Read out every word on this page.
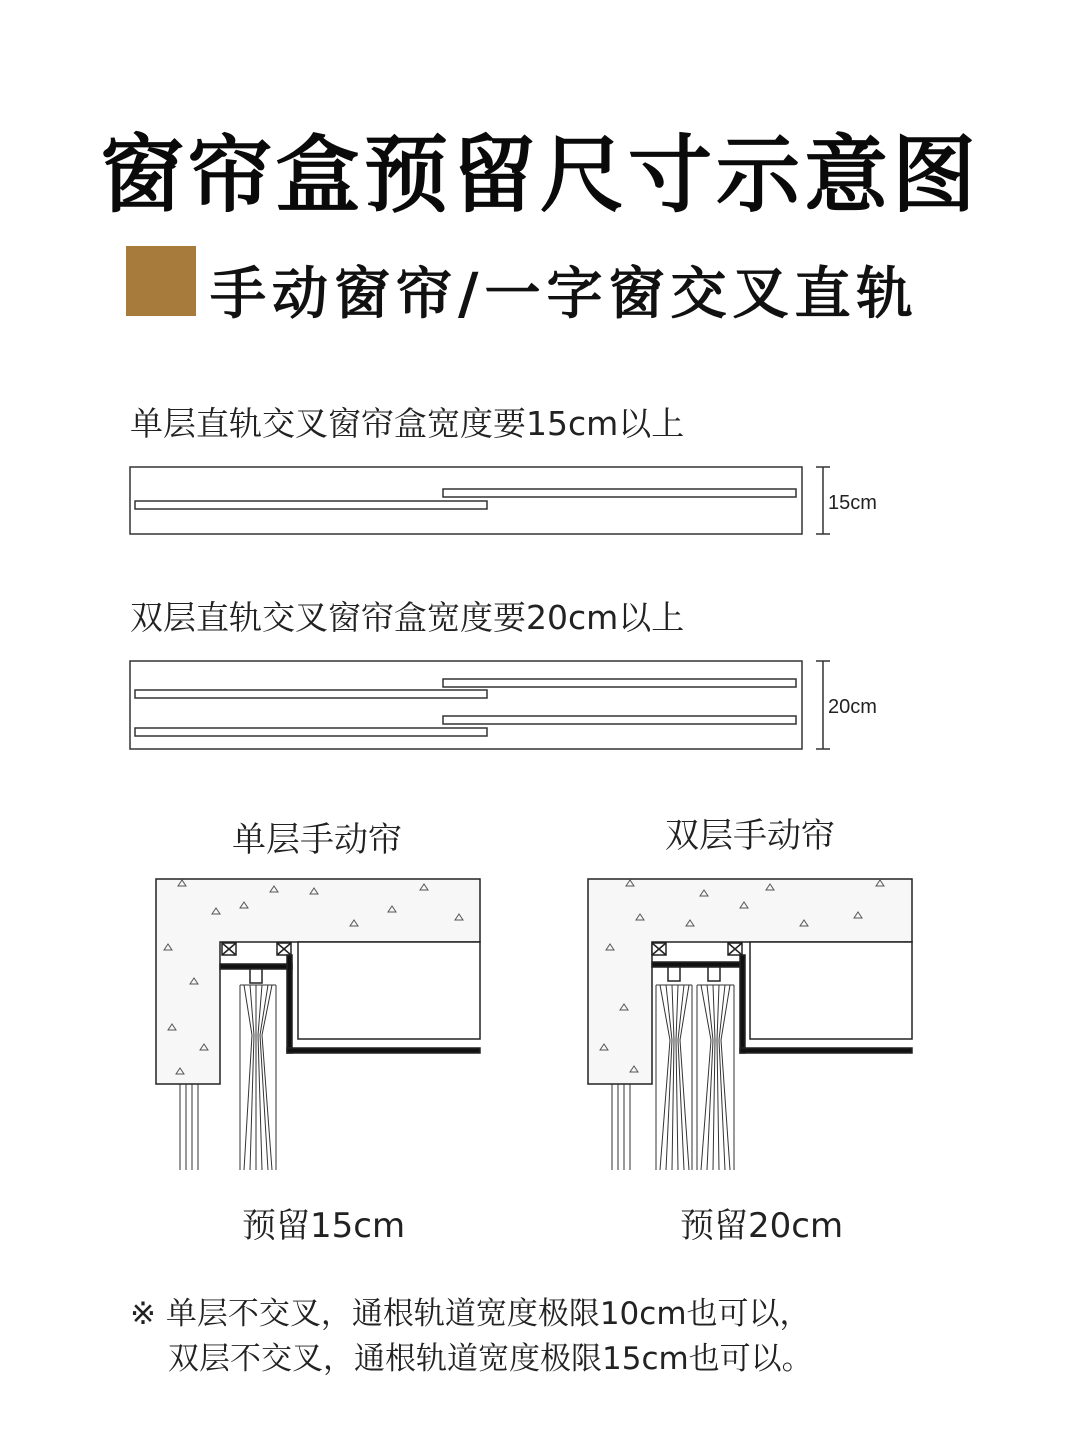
窗帘盒预留尺寸示意图
手动窗帘/一字窗交叉直轨
单层直轨交叉窗帘盒宽度要15cm以上
15cm
20cm
双层直轨交叉窗帘盒宽度要20cm以上
单层手动帘	双层手动帘
预留15cm	预留20cm
※ 单层不交叉，通根轨道宽度极限10cm也可以，
双层不交叉，通根轨道宽度极限15cm也可以。
